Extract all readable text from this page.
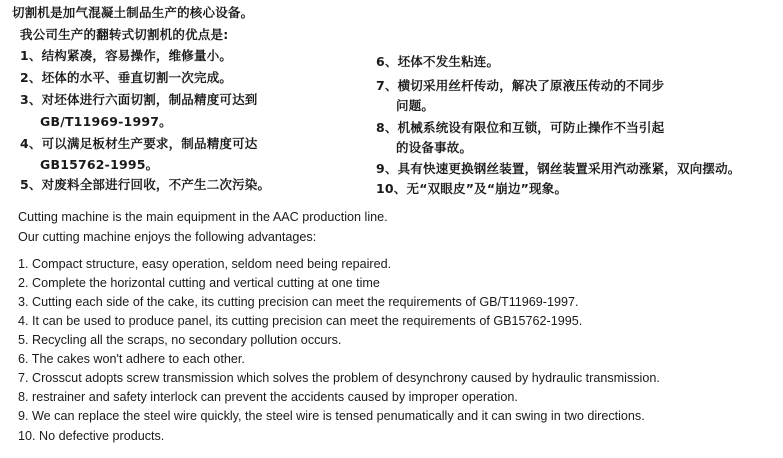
切割机是加气混凝土制品生产的核心设备。
我公司生产的翻转式切割机的优点是:
1、结构紧凑，容易操作，维修量小。
2、坯体的水平、垂直切割一次完成。
3、对坯体进行六面切割，制品精度可达到
GB/T11969-1997。
4、可以满足板材生产要求，制品精度可达
GB15762-1995。
5、对废料全部进行回收，不产生二次污染。
6、坯体不发生粘连。
7、横切采用丝杆传动，解决了原液压传动的不同步
问题。
8、机械系统设有限位和互锁，可防止操作不当引起
的设备事故。
9、具有快速更换钢丝装置，钢丝装置采用汽动涨紧，双向摆动。
10、无“双眼皮”及“崩边”现象。
Cutting machine is the main equipment in the AAC production line.
Our cutting machine enjoys the following advantages:
1. Compact structure, easy operation, seldom need being repaired.
2. Complete the horizontal cutting and vertical cutting at one time
3. Cutting each side of the cake, its cutting precision can meet the requirements of GB/T11969-1997.
4. It can be used to produce panel, its cutting precision can meet the requirements of GB15762-1995.
5. Recycling all the scraps, no secondary pollution occurs.
6. The cakes won't adhere to each other.
7. Crosscut adopts screw transmission which solves the problem of desynchrony caused by hydraulic transmission.
8. restrainer and safety interlock can prevent the accidents caused by improper operation.
9. We can replace the steel wire quickly, the steel wire is tensed penumatically and it can swing in two directions.
10. No defective products.
